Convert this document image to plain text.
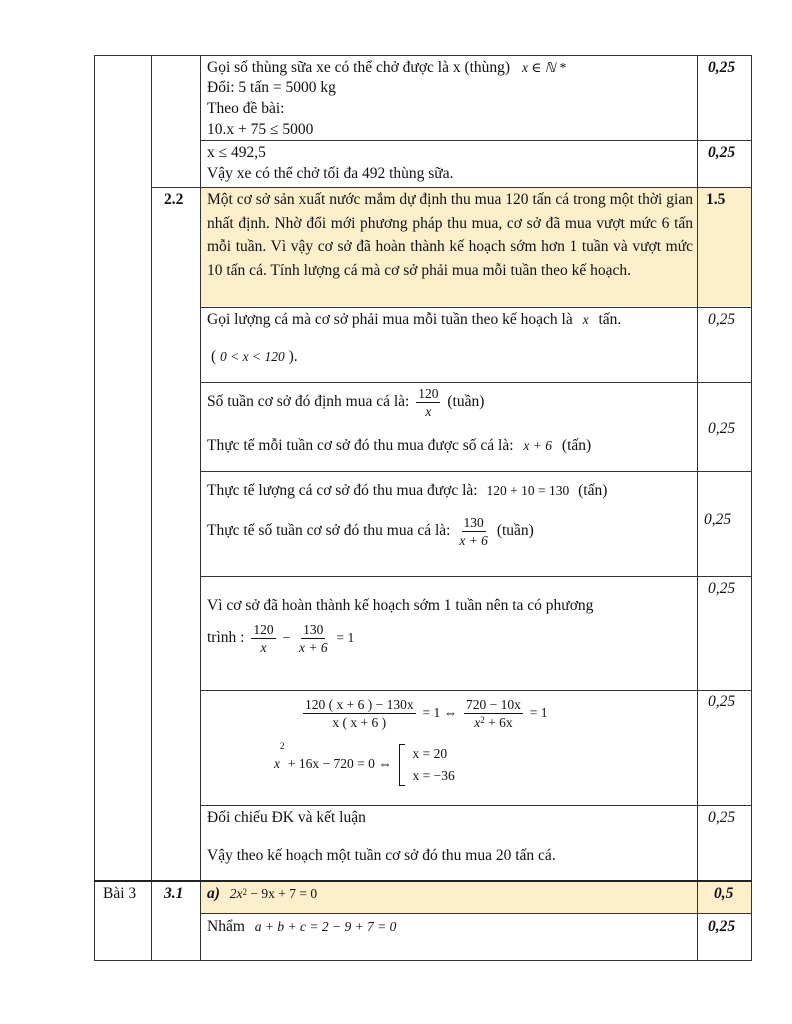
Gọi số thùng sữa xe có thể chở được là x (thùng) x ∈ ℕ *
Đổi: 5 tấn = 5000 kg
Theo đề bài:
10.x + 75 ≤ 5000
0,25
x ≤ 492,5
Vậy xe có thể chở tối đa 492 thùng sữa.
0,25
2.2 Một cơ sở sản xuất nước mắm dự định thu mua 120 tấn cá trong một thời gian nhất định. Nhờ đổi mới phương pháp thu mua, cơ sở đã mua vượt mức 6 tấn mỗi tuần. Vì vậy cơ sở đã hoàn thành kế hoạch sớm hơn 1 tuần và vượt mức 10 tấn cá. Tính lượng cá mà cơ sở phải mua mỗi tuần theo kế hoạch.
1.5
Gọi lượng cá mà cơ sở phải mua mỗi tuần theo kế hoạch là x tấn.
( 0 < x < 120 ).
0,25
Số tuần cơ sở đó định mua cá là: $\frac{120}{x}$ (tuần)
Thực tế mỗi tuần cơ sở đó thu mua được số cá là: x + 6 (tấn)
0,25
Thực tế lượng cá cơ sở đó thu mua được là: 120 + 10 = 130 (tấn)
Thực tế số tuần cơ sở đó thu mua cá là: $\frac{130}{x + 6}$ (tuần)
0,25
Vì cơ sở đã hoàn thành kế hoạch sớm 1 tuần nên ta có phương
trình : $\frac{120}{x} - \frac{130}{x + 6} = 1$
0,25
$\frac{120 ( x + 6 ) - 130x}{x ( x + 6 )} = 1$ ⇔ $\frac{720 - 10x}{x^2 + 6x} = 1$
$x^2 + 16x - 720 = 0$ ⇔
x = 20
x = −36
0,25
Đối chiếu ĐK và kết luận
Vậy theo kế hoạch một tuần cơ sở đó thu mua 20 tấn cá.
0,25
Bài 3 3.1 a) $2x^2 - 9x + 7 = 0$	0,5
Nhẩm a + b + c = 2 − 9 + 7 = 0	0,25
